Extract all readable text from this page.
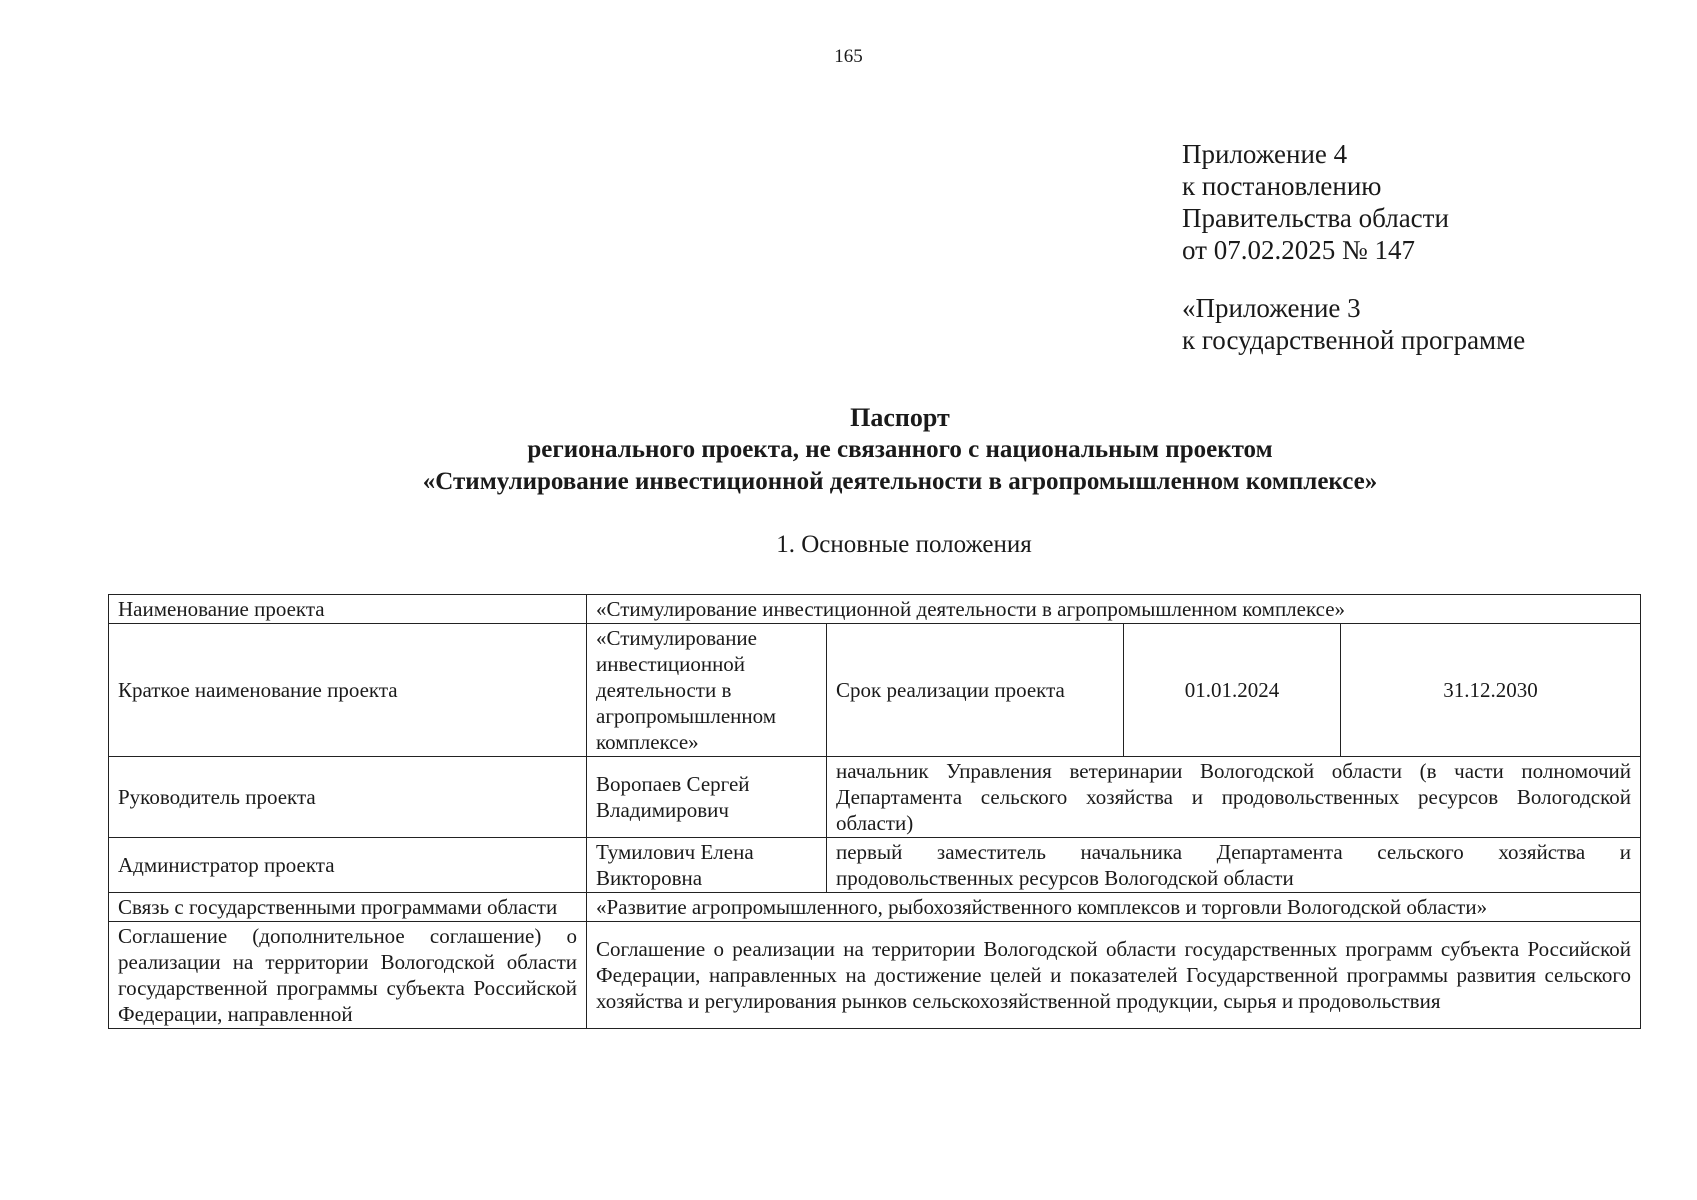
165
Приложение 4
к постановлению
Правительства области
от 07.02.2025 № 147
«Приложение 3
к государственной программе
Паспорт
регионального проекта, не связанного с национальным проектом
«Стимулирование инвестиционной деятельности в агропромышленном комплексе»
1. Основные положения
Наименование проекта	«Стимулирование инвестиционной деятельности в агропромышленном комплексе»			
Краткое наименование проекта	«Стимулирование инвестиционной деятельности в агропромышленном комплексе»	Срок реализации проекта	01.01.2024	31.12.2030
Руководитель проекта	Воропаев Сергей Владимирович	начальник Управления ветеринарии Вологодской области (в части полномочий Департамента сельского хозяйства и продовольственных ресурсов Вологодской области)		
Администратор проекта	Тумилович Елена Викторовна	первый заместитель начальника Департамента сельского хозяйства и продовольственных ресурсов Вологодской области		
Связь с государственными программами области	«Развитие агропромышленного, рыбохозяйственного комплексов и торговли Вологодской области»			
Соглашение (дополнительное соглашение) о реализации на территории Вологодской области государственной программы субъекта Российской Федерации, направленной	Соглашение о реализации на территории Вологодской области государственных программ субъекта Российской Федерации, направленных на достижение целей и показателей Государственной программы развития сельского хозяйства и регулирования рынков сельскохозяйственной продукции, сырья и продовольствия			
